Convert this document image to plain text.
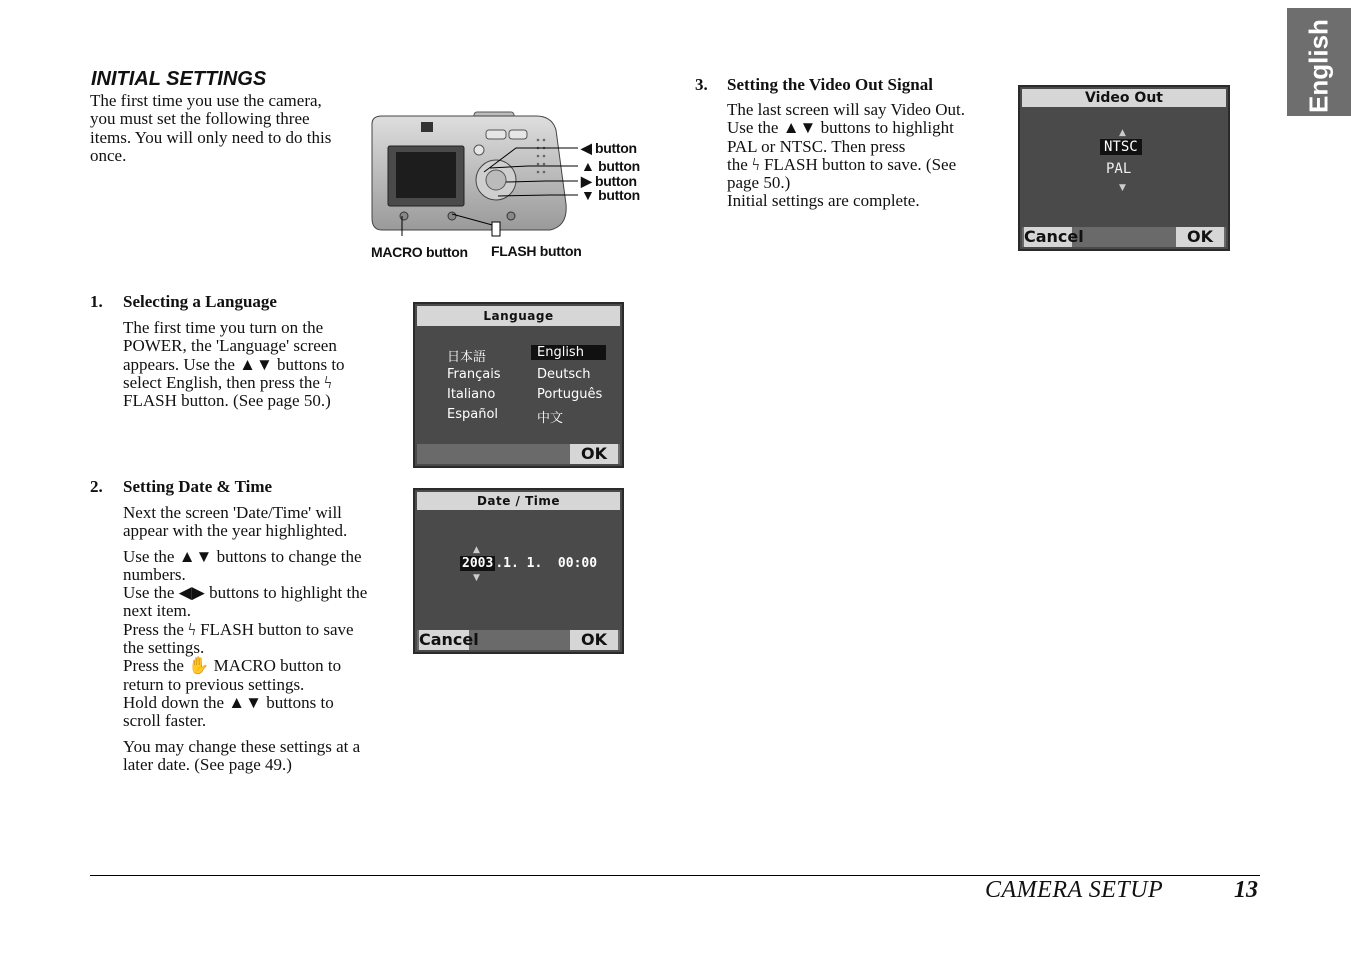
English
INITIAL SETTINGS

The first time you use the camera,

you must set the following three

items. You will only need to do this

once.	◀ button
▲ button
▶ button
▼ button
MACRO button FLASH button
1. Selecting a Language

The first time you turn on the

POWER, the 'Language' screen

appears. Use the ▲▼ buttons to

select English, then press the ϟ

FLASH button. (See page 50.)

Language
日本語	English
Français	Deutsch
Italiano	Português
Español	中文
OK
2. Setting Date & Time

Next the screen 'Date/Time' will

appear with the year highlighted.

Use the ▲▼ buttons to change the

numbers.

Use the ◀▶ buttons to highlight the

next item.

Press the ϟ FLASH button to save

the settings.

Press the ✋ MACRO button to

return to previous settings.

Hold down the ▲▼ buttons to

scroll faster.

You may change these settings at a

later date. (See page 49.)

Date / Time
▲
2003 .1. 1.  00:00
▼
Cancel	OK
3. Setting the Video Out Signal

The last screen will say Video Out.

Use the ▲▼ buttons to highlight

PAL or NTSC. Then press

the ϟ FLASH button to save. (See

page 50.)

Initial settings are complete.

Video Out
▲
NTSC
PAL
▼
Cancel	OK
CAMERA SETUP	13
